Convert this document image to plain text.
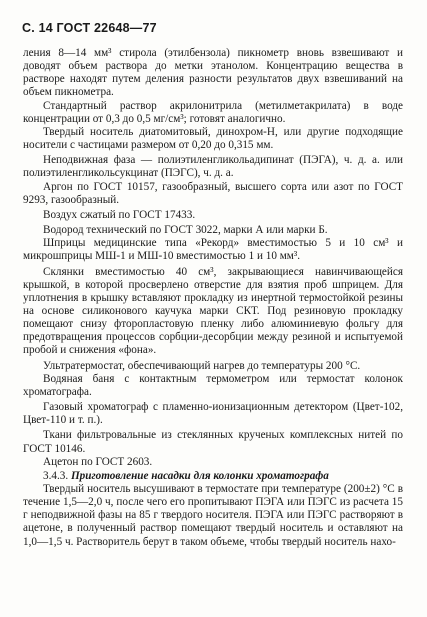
С. 14 ГОСТ 22648—77

ления 8—14 мм³ стирола (этилбензола) пикнометр вновь взвешивают и доводят объем раствора до метки этанолом. Концентрацию вещества в растворе находят путем деления разности результатов двух взвешиваний на объем пикнометра.

Стандартный раствор акрилонитрила (метилметакрилата) в воде концентрации от 0,3 до 0,5 мг/см³; готовят аналогично.

Твердый носитель диатомитовый, динохром-Н, или другие подходящие носители с частицами размером от 0,20 до 0,315 мм.

Неподвижная фаза — полиэтиленгликольадипинат (ПЭГА), ч. д. а. или полиэтиленгликольсукцинат (ПЭГС), ч. д. а.

Аргон по ГОСТ 10157, газообразный, высшего сорта или азот по ГОСТ 9293, газообразный.

Воздух сжатый по ГОСТ 17433.

Водород технический по ГОСТ 3022, марки А или марки Б.

Шприцы медицинские типа «Рекорд» вместимостью 5 и 10 см³ и микрошприцы МШ-1 и МШ-10 вместимостью 1 и 10 мм³.

Склянки вместимостью 40 см³, закрывающиеся навинчивающейся крышкой, в которой просверлено отверстие для взятия проб шприцем. Для уплотнения в крышку вставляют прокладку из инертной термостойкой резины на основе силиконового каучука марки СКТ. Под резиновую прокладку помещают снизу фторопластовую пленку либо алюминиевую фольгу для предотвращения процессов сорбции-десорбции между резиной и испытуемой пробой и снижения «фона».

Ультратермостат, обеспечивающий нагрев до температуры 200 °С.

Водяная баня с контактным термометром или термостат колонок хроматографа.

Газовый хроматограф с пламенно-ионизационным детектором (Цвет-102, Цвет-110 и т. п.).

Ткани фильтровальные из стеклянных крученых комплексных нитей по ГОСТ 10146.

Ацетон по ГОСТ 2603.

3.4.3. Приготовление насадки для колонки хроматографа

Твердый носитель высушивают в термостате при температуре (200±2) °С в течение 1,5—2,0 ч, после чего его пропитывают ПЭГА или ПЭГС из расчета 15 г неподвижной фазы на 85 г твердого носителя. ПЭГА или ПЭГС растворяют в ацетоне, в полученный раствор помещают твердый носитель и оставляют на 1,0—1,5 ч. Растворитель берут в таком объеме, чтобы твердый носитель нахо-
